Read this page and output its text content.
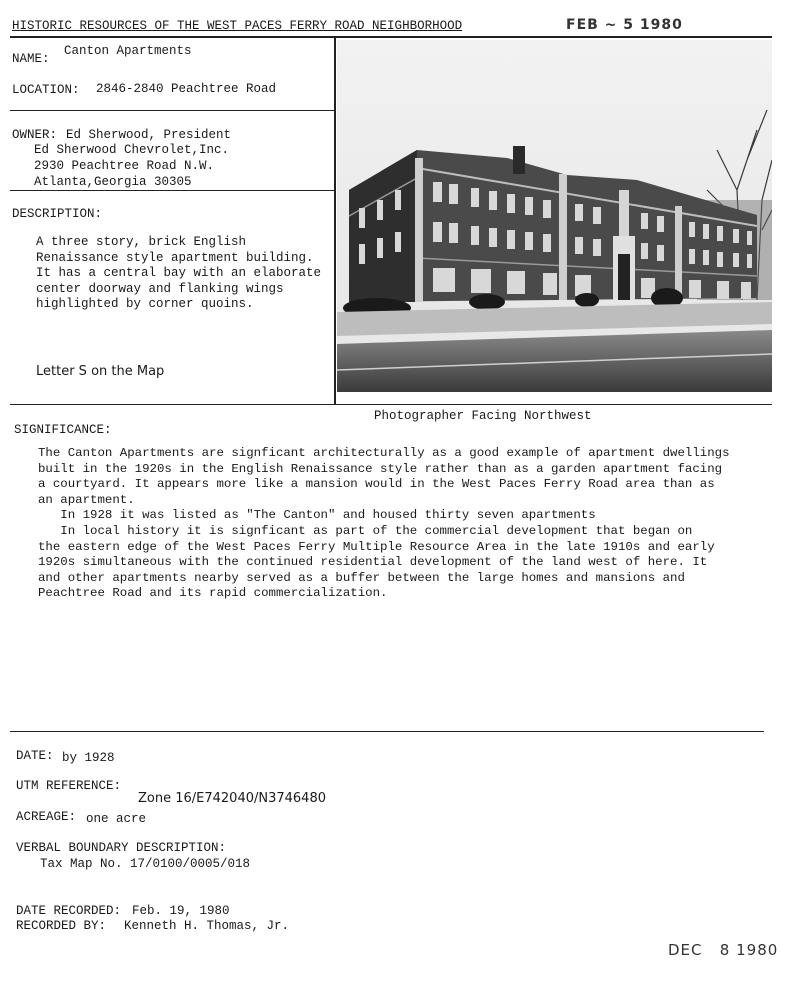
HISTORIC RESOURCES OF THE WEST PACES FERRY ROAD NEIGHBORHOOD	FEB ~ 5 1980
NAME:
Canton Apartments
LOCATION: 2846-2840 Peachtree Road
OWNER: Ed Sherwood, President
Ed Sherwood Chevrolet,Inc.
2930 Peachtree Road N.W.
Atlanta,Georgia 30305
DESCRIPTION:
A three story, brick English
Renaissance style apartment building.
It has a central bay with an elaborate
center doorway and flanking wings
highlighted by corner quoins.
Letter S on the Map
Photographer Facing Northwest
SIGNIFICANCE:
The Canton Apartments are signficant architecturally as a good example of apartment dwellings
built in the 1920s in the English Renaissance style rather than as a garden apartment facing
a courtyard. It appears more like a mansion would in the West Paces Ferry Road area than as
an apartment.
In 1928 it was listed as "The Canton" and housed thirty seven apartments
In local history it is signficant as part of the commercial development that began on
the eastern edge of the West Paces Ferry Multiple Resource Area in the late 1910s and early
1920s simultaneous with the continued residential development of the land west of here. It
and other apartments nearby served as a buffer between the large homes and mansions and
Peachtree Road and its rapid commercialization.
DATE: by 1928
UTM REFERENCE:
Zone 16/E742040/N3746480
ACREAGE: one acre
VERBAL BOUNDARY DESCRIPTION:
Tax Map No. 17/0100/0005/018
DATE RECORDED: Feb. 19, 1980
RECORDED BY: Kenneth H. Thomas, Jr.
DEC   8 1980
